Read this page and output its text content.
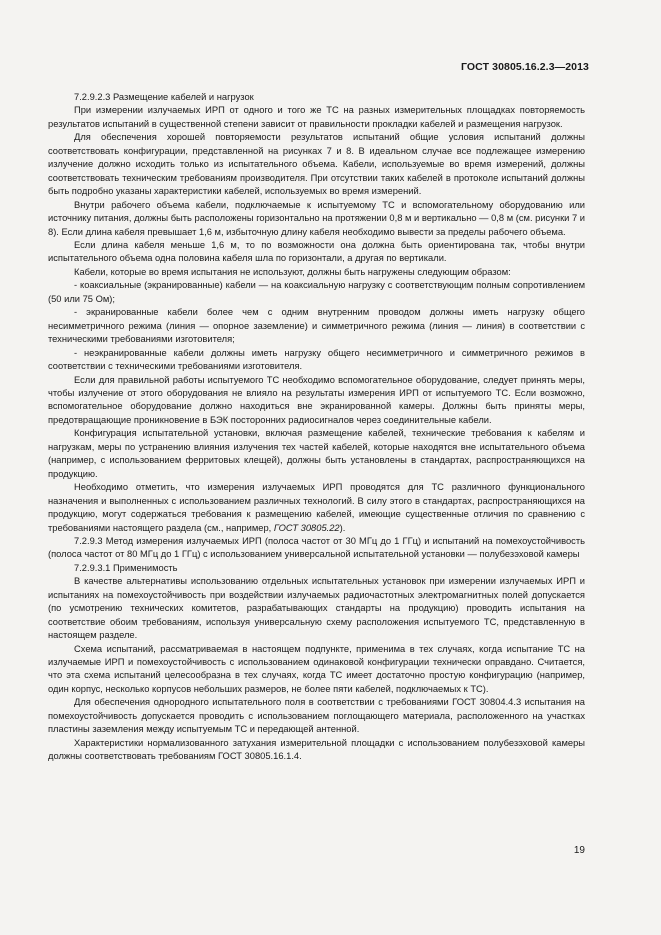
ГОСТ 30805.16.2.3—2013

7.2.9.2.3 Размещение кабелей и нагрузок

При измерении излучаемых ИРП от одного и того же ТС на разных измерительных площадках повторяемость результатов испытаний в существенной степени зависит от правильности прокладки кабелей и размещения нагрузок.

Для обеспечения хорошей повторяемости результатов испытаний общие условия испытаний должны соответствовать конфигурации, представленной на рисунках 7 и 8. В идеальном случае все подлежащее измерению излучение должно исходить только из испытательного объема. Кабели, используемые во время измерений, должны соответствовать техническим требованиям производителя. При отсутствии таких кабелей в протоколе испытаний должны быть подробно указаны характеристики кабелей, используемых во время измерений.

Внутри рабочего объема кабели, подключаемые к испытуемому ТС и вспомогательному оборудованию или источнику питания, должны быть расположены горизонтально на протяжении 0,8 м и вертикально — 0,8 м (см. рисунки 7 и 8). Если длина кабеля превышает 1,6 м, избыточную длину кабеля необходимо вывести за пределы рабочего объема.

Если длина кабеля меньше 1,6 м, то по возможности она должна быть ориентирована так, чтобы внутри испытательного объема одна половина кабеля шла по горизонтали, а другая по вертикали.

Кабели, которые во время испытания не используют, должны быть нагружены следующим образом:

- коаксиальные (экранированные) кабели — на коаксиальную нагрузку с соответствующим полным сопротивлением (50 или 75 Ом);

- экранированные кабели более чем с одним внутренним проводом должны иметь нагрузку общего несимметричного режима (линия — опорное заземление) и симметричного режима (линия — линия) в соответствии с техническими требованиями изготовителя;

- неэкранированные кабели должны иметь нагрузку общего несимметричного и симметричного режимов в соответствии с техническими требованиями изготовителя.

Если для правильной работы испытуемого ТС необходимо вспомогательное оборудование, следует принять меры, чтобы излучение от этого оборудования не влияло на результаты измерения ИРП от испытуемого ТС. Если возможно, вспомогательное оборудование должно находиться вне экранированной камеры. Должны быть приняты меры, предотвращающие проникновение в БЭК посторонних радиосигналов через соединительные кабели.

Конфигурация испытательной установки, включая размещение кабелей, технические требования к кабелям и нагрузкам, меры по устранению влияния излучения тех частей кабелей, которые находятся вне испытательного объема (например, с использованием ферритовых клещей), должны быть установлены в стандартах, распространяющихся на продукцию.

Необходимо отметить, что измерения излучаемых ИРП проводятся для ТС различного функционального назначения и выполненных с использованием различных технологий. В силу этого в стандартах, распространяющихся на продукцию, могут содержаться требования к размещению кабелей, имеющие существенные отличия по сравнению с требованиями настоящего раздела (см., например, ГОСТ 30805.22).

7.2.9.3 Метод измерения излучаемых ИРП (полоса частот от 30 МГц до 1 ГГц) и испытаний на помехоустойчивость (полоса частот от 80 МГц до 1 ГГц) с использованием универсальной испытательной установки — полубезэховой камеры

7.2.9.3.1 Применимость

В качестве альтернативы использованию отдельных испытательных установок при измерении излучаемых ИРП и испытаниях на помехоустойчивость при воздействии излучаемых радиочастотных электромагнитных полей допускается (по усмотрению технических комитетов, разрабатывающих стандарты на продукцию) проводить испытания на соответствие обоим требованиям, используя универсальную схему расположения испытуемого ТС, представленную в настоящем разделе.

Схема испытаний, рассматриваемая в настоящем подпункте, применима в тех случаях, когда испытание ТС на излучаемые ИРП и помехоустойчивость с использованием одинаковой конфигурации технически оправдано. Считается, что эта схема испытаний целесообразна в тех случаях, когда ТС имеет достаточно простую конфигурацию (например, один корпус, несколько корпусов небольших размеров, не более пяти кабелей, подключаемых к ТС).

Для обеспечения однородного испытательного поля в соответствии с требованиями ГОСТ 30804.4.3 испытания на помехоустойчивость допускается проводить с использованием поглощающего материала, расположенного на участках пластины заземления между испытуемым ТС и передающей антенной.

Характеристики нормализованного затухания измерительной площадки с использованием полубезэховой камеры должны соответствовать требованиям ГОСТ 30805.16.1.4.

19
